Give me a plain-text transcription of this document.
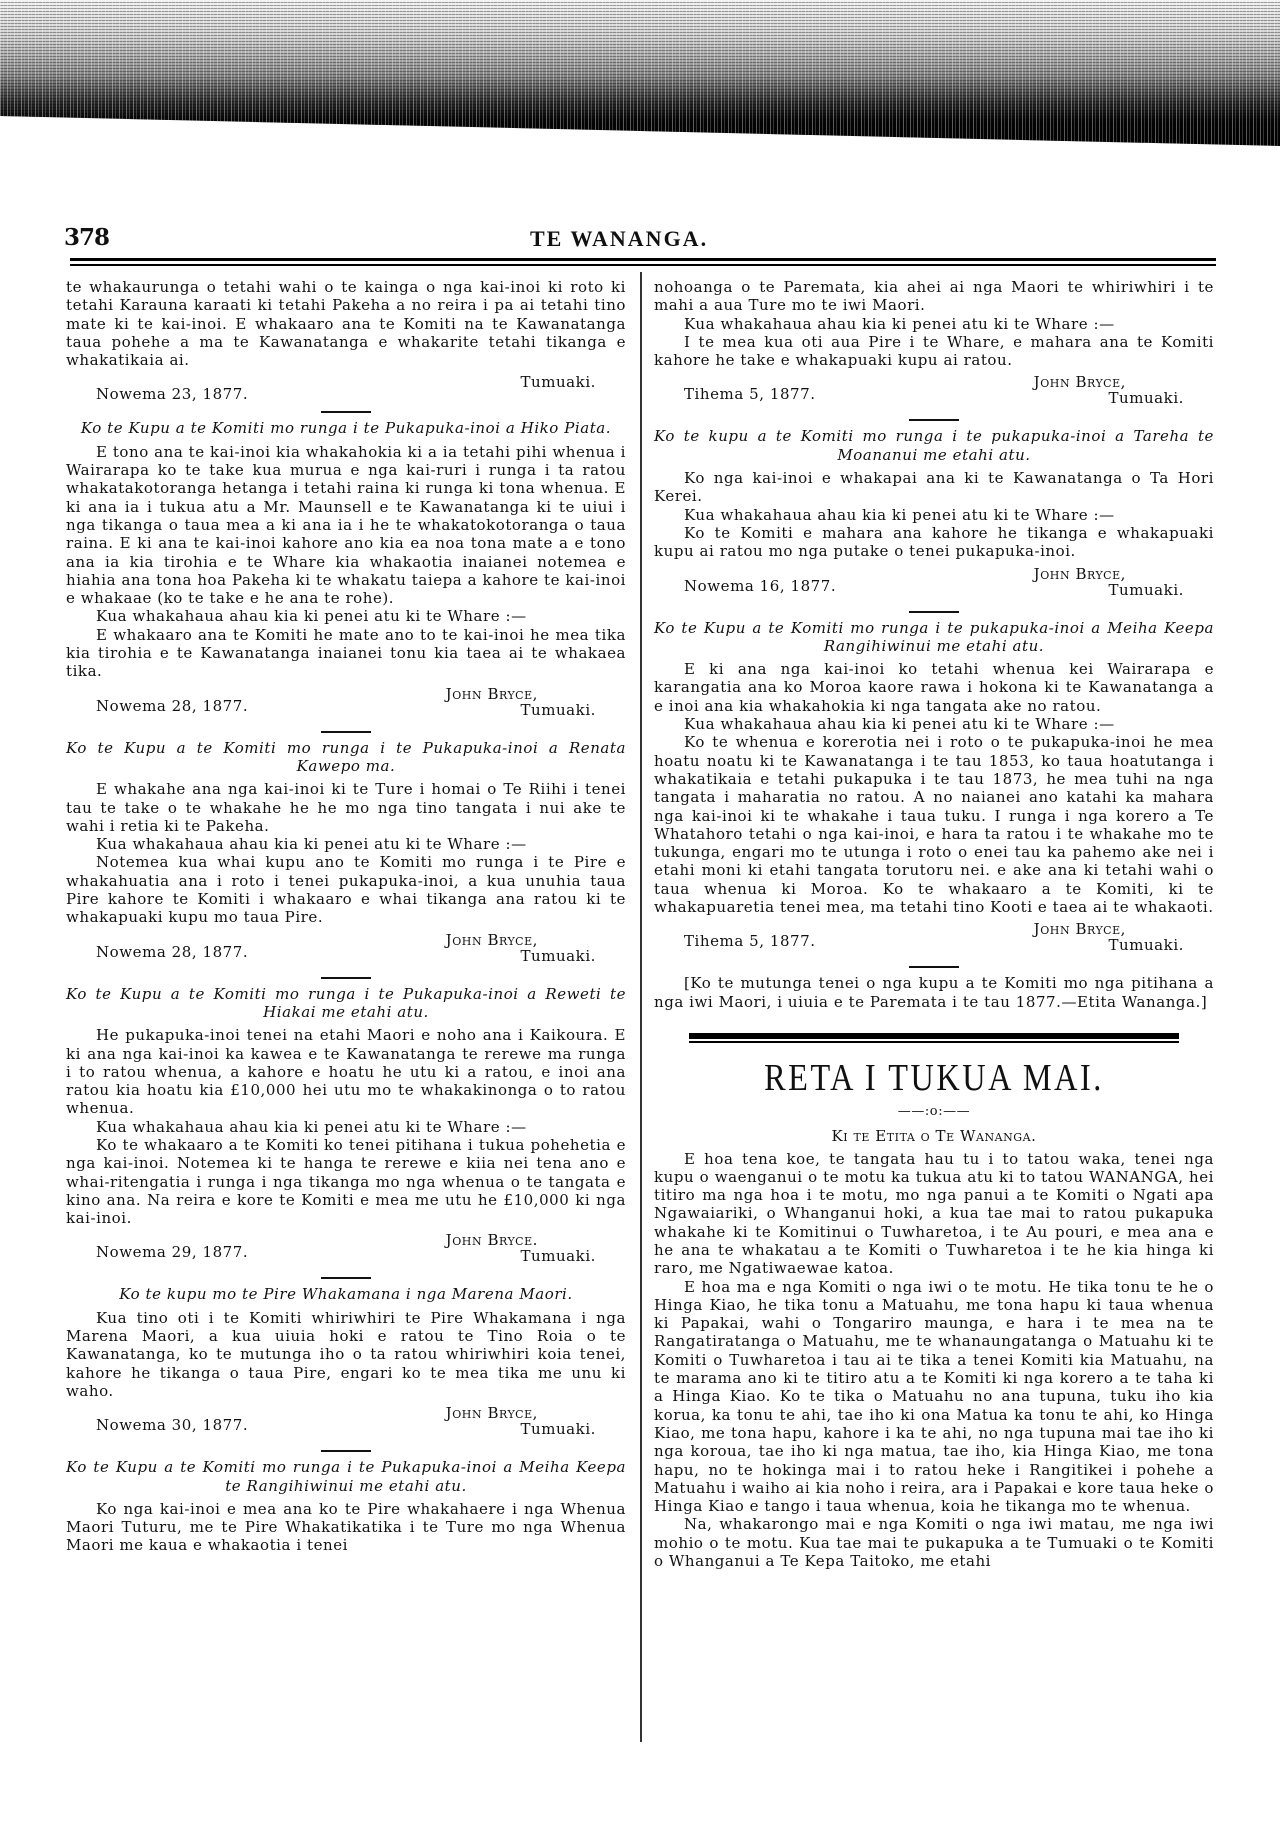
378	TE WANANGA.

te whakaurunga o tetahi wahi o te kainga o nga kai-inoi ki roto ki tetahi Karauna karaati ki tetahi Pakeha a no reira i pa ai tetahi tino mate ki te kai-inoi. E whakaaro ana te Komiti na te Kawanatanga taua pohehe a ma te Kawanatanga e whakarite tetahi tikanga e whakatikaia ai.

Tumuaki.
Nowema 23, 1877.
Ko te Kupu a te Komiti mo runga i te Pukapuka-inoi a Hiko Piata.

E tono ana te kai-inoi kia whakahokia ki a ia tetahi pihi whenua i Wairarapa ko te take kua murua e nga kai-ruri i runga i ta ratou whakatakotoranga hetanga i tetahi raina ki runga ki tona whenua. E ki ana ia i tukua atu a Mr. Maunsell e te Kawanatanga ki te uiui i nga tikanga o taua mea a ki ana ia i he te whakatokotoranga o taua raina. E ki ana te kai-inoi kahore ano kia ea noa tona mate a e tono ana ia kia tirohia e te Whare kia whakaotia inaianei notemea e hiahia ana tona hoa Pakeha ki te whakatu taiepa a kahore te kai-inoi e whakaae (ko te take e he ana te rohe).

Kua whakahaua ahau kia ki penei atu ki te Whare :—

E whakaaro ana te Komiti he mate ano to te kai-inoi he mea tika kia tirohia e te Kawanatanga inaianei tonu kia taea ai te whakaea tika.

John Bryce,
Tumuaki.
Nowema 28, 1877.
Ko te Kupu a te Komiti mo runga i te Pukapuka-inoi a Renata Kawepo ma.

E whakahe ana nga kai-inoi ki te Ture i homai o Te Riihi i tenei tau te take o te whakahe he he mo nga tino tangata i nui ake te wahi i retia ki te Pakeha.

Kua whakahaua ahau kia ki penei atu ki te Whare :—

Notemea kua whai kupu ano te Komiti mo runga i te Pire e whakahuatia ana i roto i tenei pukapuka-inoi, a kua unuhia taua Pire kahore te Komiti i whakaaro e whai tikanga ana ratou ki te whakapuaki kupu mo taua Pire.

John Bryce,
Tumuaki.
Nowema 28, 1877.
Ko te Kupu a te Komiti mo runga i te Pukapuka-inoi a Reweti te Hiakai me etahi atu.

He pukapuka-inoi tenei na etahi Maori e noho ana i Kaikoura. E ki ana nga kai-inoi ka kawea e te Kawanatanga te rerewe ma runga i to ratou whenua, a kahore e hoatu he utu ki a ratou, e inoi ana ratou kia hoatu kia £10,000 hei utu mo te whakakinonga o to ratou whenua.

Kua whakahaua ahau kia ki penei atu ki te Whare :—

Ko te whakaaro a te Komiti ko tenei pitihana i tukua pohehetia e nga kai-inoi. Notemea ki te hanga te rerewe e kiia nei tena ano e whai-ritengatia i runga i nga tikanga mo nga whenua o te tangata e kino ana. Na reira e kore te Komiti e mea me utu he £10,000 ki nga kai-inoi.

John Bryce.
Tumuaki.
Nowema 29, 1877.
Ko te kupu mo te Pire Whakamana i nga Marena Maori.

Kua tino oti i te Komiti whiriwhiri te Pire Whakamana i nga Marena Maori, a kua uiuia hoki e ratou te Tino Roia o te Kawanatanga, ko te mutunga iho o ta ratou whiriwhiri koia tenei, kahore he tikanga o taua Pire, engari ko te mea tika me unu ki waho.

John Bryce,
Tumuaki.
Nowema 30, 1877.
Ko te Kupu a te Komiti mo runga i te Pukapuka-inoi a Meiha Keepa te Rangihiwinui me etahi atu.

Ko nga kai-inoi e mea ana ko te Pire whakahaere i nga Whenua Maori Tuturu, me te Pire Whakatikatika i te Ture mo nga Whenua Maori me kaua e whakaotia i tenei

nohoanga o te Paremata, kia ahei ai nga Maori te whiriwhiri i te mahi a aua Ture mo te iwi Maori.

Kua whakahaua ahau kia ki penei atu ki te Whare :—

I te mea kua oti aua Pire i te Whare, e mahara ana te Komiti kahore he take e whakapuaki kupu ai ratou.

John Bryce,
Tumuaki.
Tihema 5, 1877.
Ko te kupu a te Komiti mo runga i te pukapuka-inoi a Tareha te Moananui me etahi atu.

Ko nga kai-inoi e whakapai ana ki te Kawanatanga o Ta Hori Kerei.

Kua whakahaua ahau kia ki penei atu ki te Whare :—

Ko te Komiti e mahara ana kahore he tikanga e whakapuaki kupu ai ratou mo nga putake o tenei pukapuka-inoi.

John Bryce,
Tumuaki.
Nowema 16, 1877.
Ko te Kupu a te Komiti mo runga i te pukapuka-inoi a Meiha Keepa Rangihiwinui me etahi atu.

E ki ana nga kai-inoi ko tetahi whenua kei Wairarapa e karangatia ana ko Moroa kaore rawa i hokona ki te Kawanatanga a e inoi ana kia whakahokia ki nga tangata ake no ratou.

Kua whakahaua ahau kia ki penei atu ki te Whare :—

Ko te whenua e korerotia nei i roto o te pukapuka-inoi he mea hoatu noatu ki te Kawanatanga i te tau 1853, ko taua hoatutanga i whakatikaia e tetahi pukapuka i te tau 1873, he mea tuhi na nga tangata i maharatia no ratou. A no naianei ano katahi ka mahara nga kai-inoi ki te whakahe i taua tuku. I runga i nga korero a Te Whatahoro tetahi o nga kai-inoi, e hara ta ratou i te whakahe mo te tukunga, engari mo te utunga i roto o enei tau ka pahemo ake nei i etahi moni ki etahi tangata torutoru nei. e ake ana ki tetahi wahi o taua whenua ki Moroa. Ko te whakaaro a te Komiti, ki te whakapuaretia tenei mea, ma tetahi tino Kooti e taea ai te whakaoti.

John Bryce,
Tumuaki.
Tihema 5, 1877.

[Ko te mutunga tenei o nga kupu a te Komiti mo nga pitihana a nga iwi Maori, i uiuia e te Paremata i te tau 1877.—Etita Wananga.]

RETA I TUKUA MAI.
——:o:——
Ki te Etita o Te Wananga.

E hoa tena koe, te tangata hau tu i to tatou waka, tenei nga kupu o waenganui o te motu ka tukua atu ki to tatou WANANGA, hei titiro ma nga hoa i te motu, mo nga panui a te Komiti o Ngati apa Ngawaiariki, o Whanganui hoki, a kua tae mai to ratou pukapuka whakahe ki te Komitinui o Tuwharetoa, i te Au pouri, e mea ana e he ana te whakatau a te Komiti o Tuwharetoa i te he kia hinga ki raro, me Ngatiwaewae katoa.

E hoa ma e nga Komiti o nga iwi o te motu. He tika tonu te he o Hinga Kiao, he tika tonu a Matuahu, me tona hapu ki taua whenua ki Papakai, wahi o Tongariro maunga, e hara i te mea na te Rangatiratanga o Matuahu, me te whanaungatanga o Matuahu ki te Komiti o Tuwharetoa i tau ai te tika a tenei Komiti kia Matuahu, na te marama ano ki te titiro atu a te Komiti ki nga korero a te taha ki a Hinga Kiao. Ko te tika o Matuahu no ana tupuna, tuku iho kia korua, ka tonu te ahi, tae iho ki ona Matua ka tonu te ahi, ko Hinga Kiao, me tona hapu, kahore i ka te ahi, no nga tupuna mai tae iho ki nga koroua, tae iho ki nga matua, tae iho, kia Hinga Kiao, me tona hapu, no te hokinga mai i to ratou heke i Rangitikei i pohehe a Matuahu i waiho ai kia noho i reira, ara i Papakai e kore taua heke o Hinga Kiao e tango i taua whenua, koia he tikanga mo te whenua.

Na, whakarongo mai e nga Komiti o nga iwi matau, me nga iwi mohio o te motu. Kua tae mai te pukapuka a te Tumuaki o te Komiti o Whanganui a Te Kepa Taitoko, me etahi
